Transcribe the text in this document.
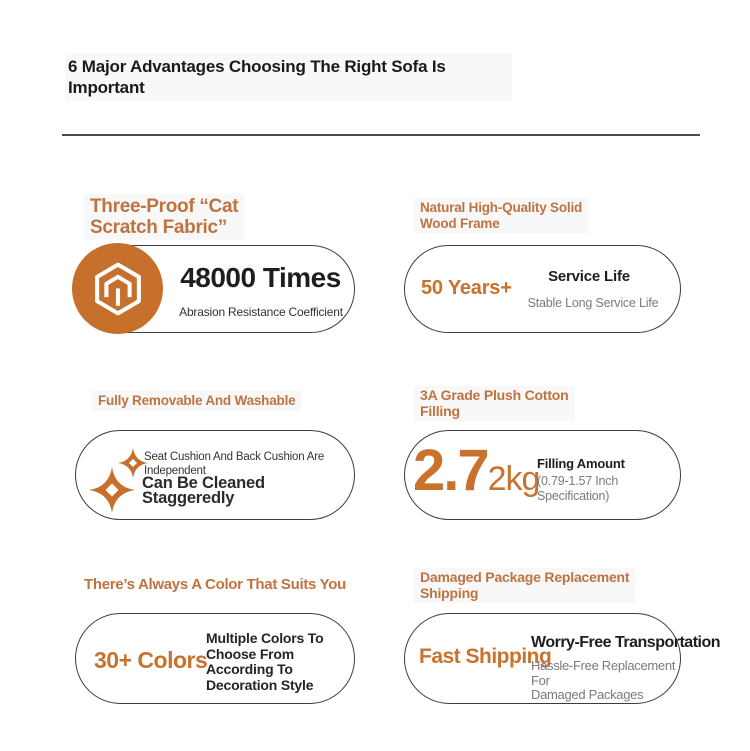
6 Major Advantages Choosing The Right Sofa Is
Important
Three-Proof “Cat
Scratch Fabric”
48000 Times
Abrasion Resistance Coefficient
Natural High-Quality Solid
Wood Frame
50 Years+
Service Life
Stable Long Service Life
Fully Removable And Washable
Seat Cushion And Back Cushion Are
Independent
Can Be Cleaned
Staggeredly
3A Grade Plush Cotton
Filling
2.7 2kg
Filling Amount
(0.79-1.57 Inch
Specification)
There’s Always A Color That Suits You
30+ Colors
Multiple Colors To
Choose From
According To
Decoration Style
Damaged Package Replacement
Shipping
Fast Shipping
Worry-Free Transportation
Hassle-Free Replacement For
Damaged Packages
